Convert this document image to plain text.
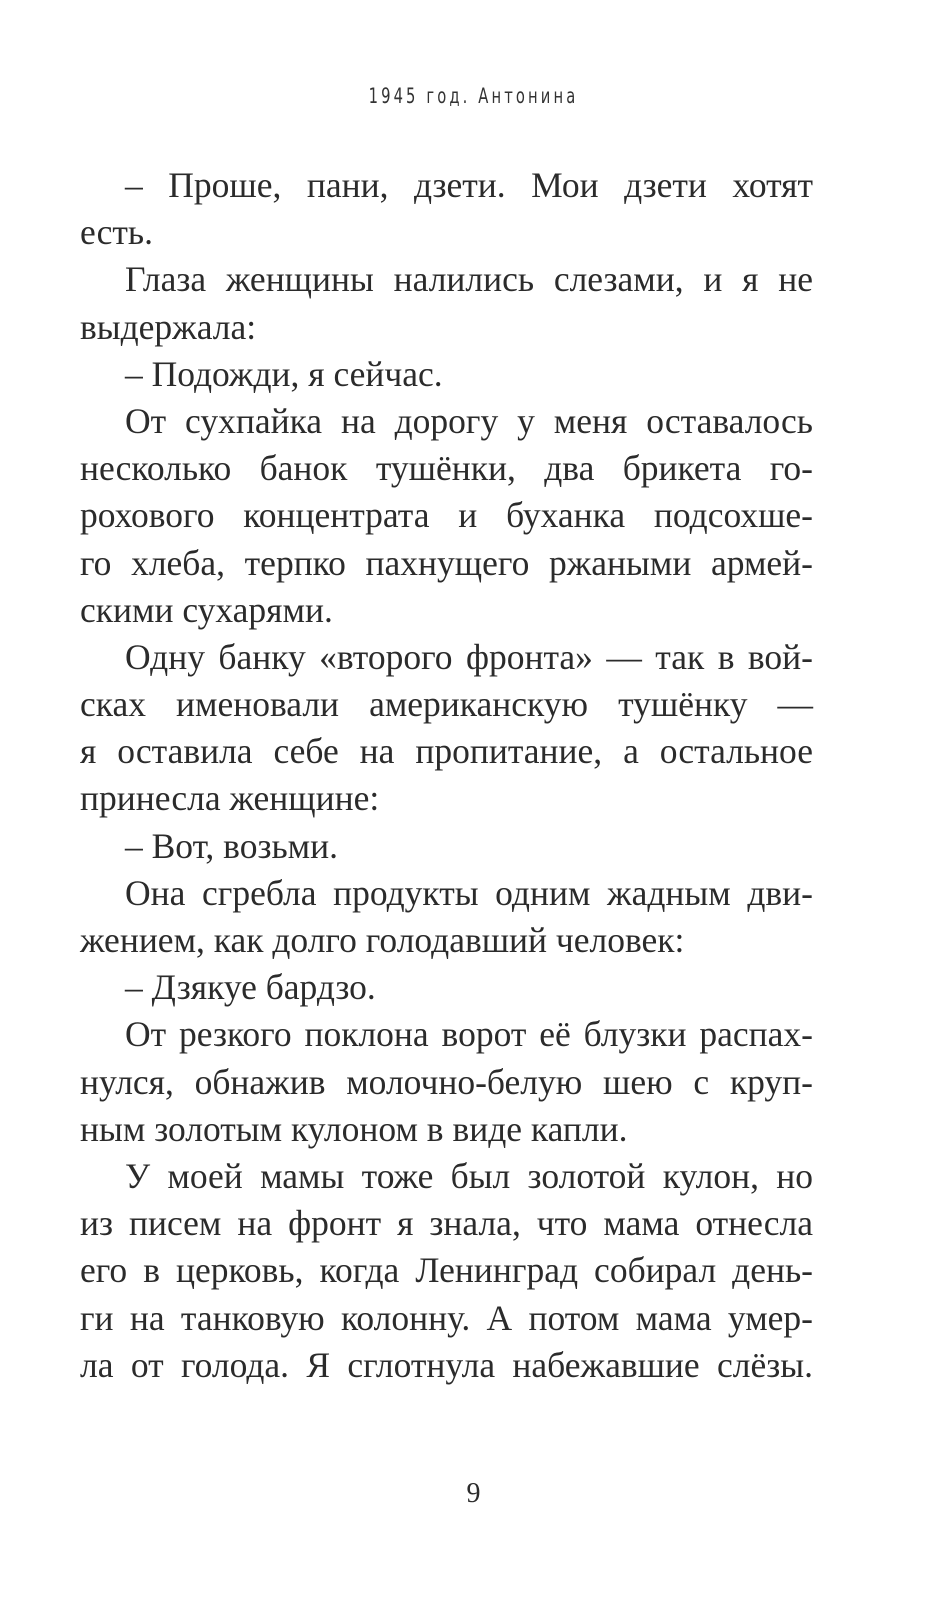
1945 год. Антонина
– Проше, пани, дзети. Мои дзети хотят
есть.
Глаза женщины налились слезами, и я не
выдержала:
– Подожди, я сейчас.
От сухпайка на дорогу у меня оставалось
несколько банок тушёнки, два брикета го-
рохового концентрата и буханка подсохше-
го хлеба, терпко пахнущего ржаными армей-
скими сухарями.
Одну банку «второго фронта» — так в вой-
сках именовали американскую тушёнку —
я оставила себе на пропитание, а остальное
принесла женщине:
– Вот, возьми.
Она сгребла продукты одним жадным дви-
жением, как долго голодавший человек:
– Дзякуе бардзо.
От резкого поклона ворот её блузки распах-
нулся, обнажив молочно-белую шею с круп-
ным золотым кулоном в виде капли.
У моей мамы тоже был золотой кулон, но
из писем на фронт я знала, что мама отнесла
его в церковь, когда Ленинград собирал день-
ги на танковую колонну. А потом мама умер-
ла от голода. Я сглотнула набежавшие слёзы.
9
